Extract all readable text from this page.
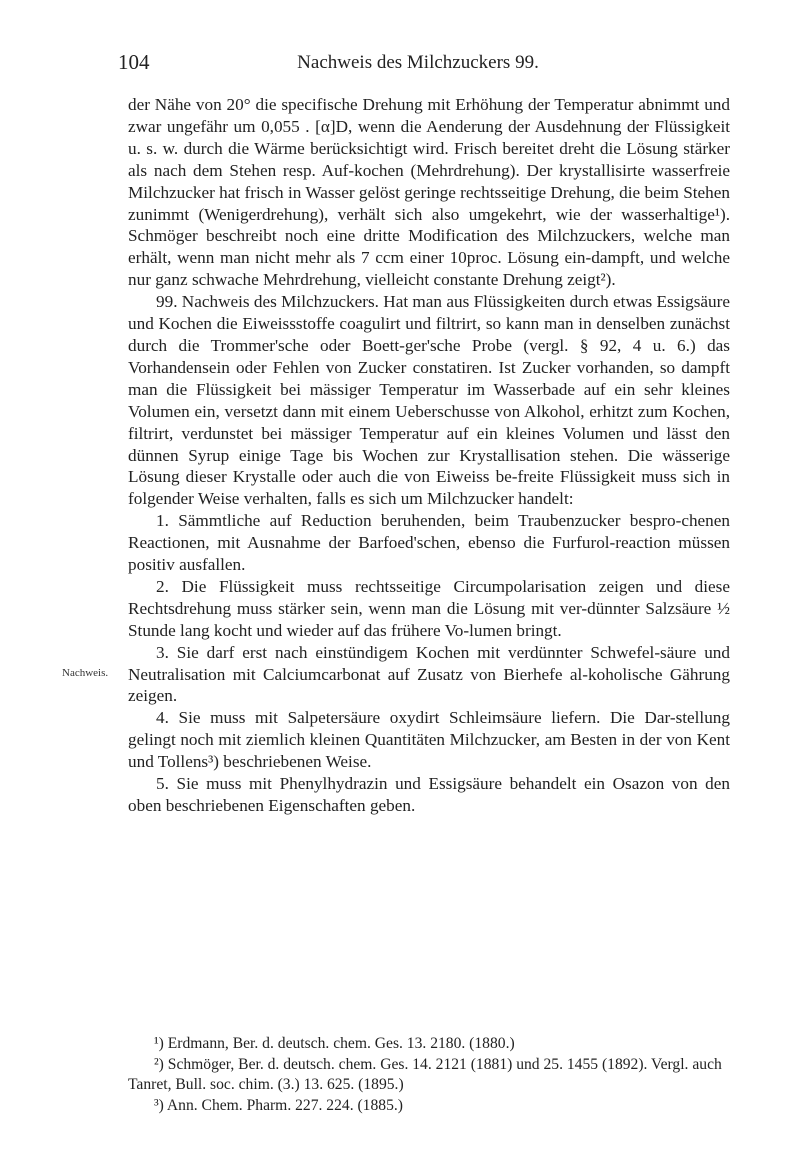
104	Nachweis des Milchzuckers 99.
Nachweis.

der Nähe von 20° die specifische Drehung mit Erhöhung der Temperatur abnimmt und zwar ungefähr um 0,055 . [α]D, wenn die Aenderung der Ausdehnung der Flüssigkeit u. s. w. durch die Wärme berücksichtigt wird. Frisch bereitet dreht die Lösung stärker als nach dem Stehen resp. Auf-kochen (Mehrdrehung). Der krystallisirte wasserfreie Milchzucker hat frisch in Wasser gelöst geringe rechtsseitige Drehung, die beim Stehen zunimmt (Wenigerdrehung), verhält sich also umgekehrt, wie der wasserhaltige¹). Schmöger beschreibt noch eine dritte Modification des Milchzuckers, welche man erhält, wenn man nicht mehr als 7 ccm einer 10proc. Lösung ein-dampft, und welche nur ganz schwache Mehrdrehung, vielleicht constante Drehung zeigt²).

99. Nachweis des Milchzuckers. Hat man aus Flüssigkeiten durch etwas Essigsäure und Kochen die Eiweissstoffe coagulirt und filtrirt, so kann man in denselben zunächst durch die Trommer'sche oder Boett-ger'sche Probe (vergl. § 92, 4 u. 6.) das Vorhandensein oder Fehlen von Zucker constatiren. Ist Zucker vorhanden, so dampft man die Flüssigkeit bei mässiger Temperatur im Wasserbade auf ein sehr kleines Volumen ein, versetzt dann mit einem Ueberschusse von Alkohol, erhitzt zum Kochen, filtrirt, verdunstet bei mässiger Temperatur auf ein kleines Volumen und lässt den dünnen Syrup einige Tage bis Wochen zur Krystallisation stehen. Die wässerige Lösung dieser Krystalle oder auch die von Eiweiss be-freite Flüssigkeit muss sich in folgender Weise verhalten, falls es sich um Milchzucker handelt:

1. Sämmtliche auf Reduction beruhenden, beim Traubenzucker bespro-chenen Reactionen, mit Ausnahme der Barfoed'schen, ebenso die Furfurol-reaction müssen positiv ausfallen.

2. Die Flüssigkeit muss rechtsseitige Circumpolarisation zeigen und diese Rechtsdrehung muss stärker sein, wenn man die Lösung mit ver-dünnter Salzsäure ½ Stunde lang kocht und wieder auf das frühere Vo-lumen bringt.

3. Sie darf erst nach einstündigem Kochen mit verdünnter Schwefel-säure und Neutralisation mit Calciumcarbonat auf Zusatz von Bierhefe al-koholische Gährung zeigen.

4. Sie muss mit Salpetersäure oxydirt Schleimsäure liefern. Die Dar-stellung gelingt noch mit ziemlich kleinen Quantitäten Milchzucker, am Besten in der von Kent und Tollens³) beschriebenen Weise.

5. Sie muss mit Phenylhydrazin und Essigsäure behandelt ein Osazon von den oben beschriebenen Eigenschaften geben.

¹) Erdmann, Ber. d. deutsch. chem. Ges. 13. 2180. (1880.)

²) Schmöger, Ber. d. deutsch. chem. Ges. 14. 2121 (1881) und 25. 1455 (1892). Vergl. auch Tanret, Bull. soc. chim. (3.) 13. 625. (1895.)

³) Ann. Chem. Pharm. 227. 224. (1885.)
